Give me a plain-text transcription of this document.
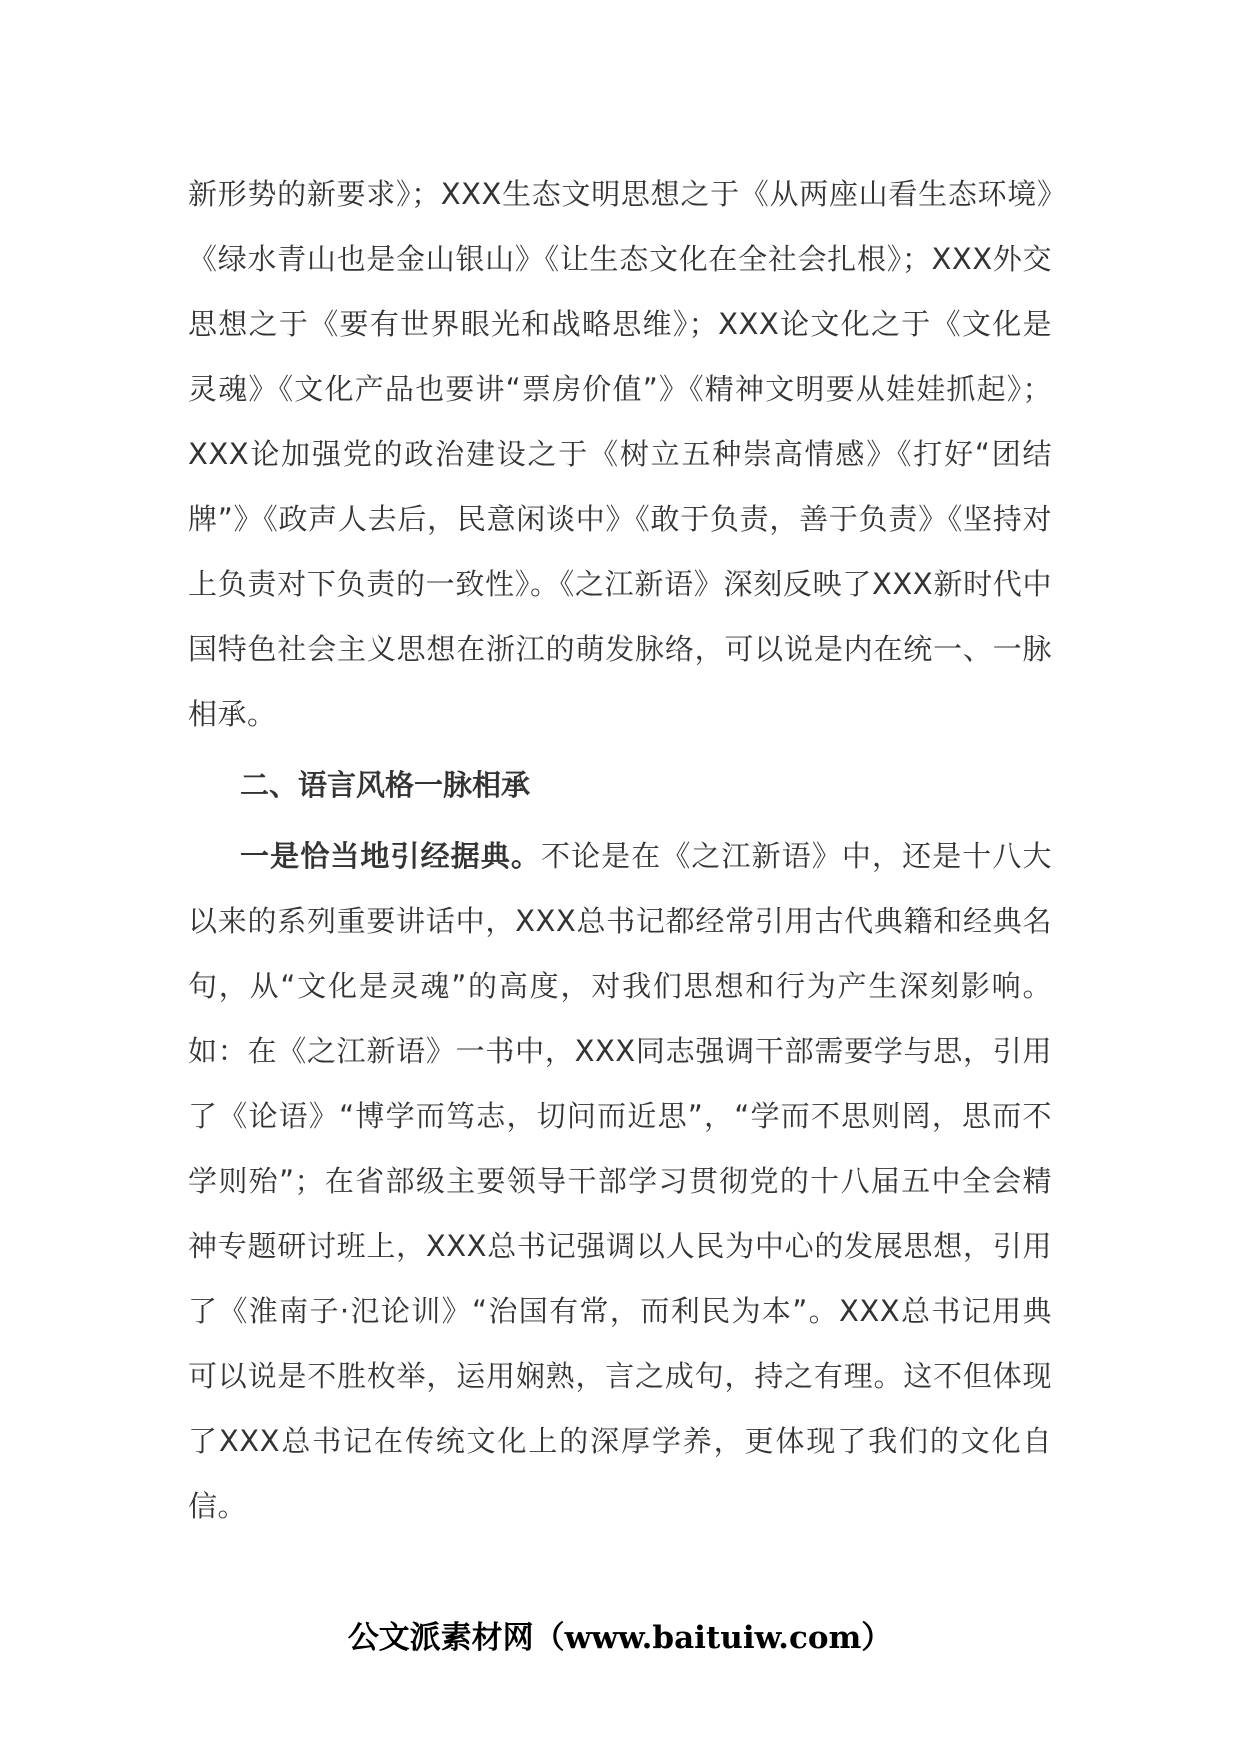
新形势的新要求》；XXX生态文明思想之于《从两座山看生态环境》《绿水青山也是金山银山》《让生态文化在全社会扎根》；XXX外交思想之于《要有世界眼光和战略思维》；XXX论文化之于《文化是灵魂》《文化产品也要讲“票房价值”》《精神文明要从娃娃抓起》；XXX论加强党的政治建设之于《树立五种崇高情感》《打好“团结牌”》《政声人去后，民意闲谈中》《敢于负责，善于负责》《坚持对上负责对下负责的一致性》。《之江新语》深刻反映了XXX新时代中国特色社会主义思想在浙江的萌发脉络，可以说是内在统一、一脉相承。

二、语言风格一脉相承

一是恰当地引经据典。不论是在《之江新语》中，还是十八大以来的系列重要讲话中，XXX总书记都经常引用古代典籍和经典名句，从“文化是灵魂”的高度，对我们思想和行为产生深刻影响。如：在《之江新语》一书中，XXX同志强调干部需要学与思，引用了《论语》“博学而笃志，切问而近思”，“学而不思则罔，思而不学则殆”；在省部级主要领导干部学习贯彻党的十八届五中全会精神专题研讨班上，XXX总书记强调以人民为中心的发展思想，引用了《淮南子·氾论训》“治国有常，而利民为本”。XXX总书记用典可以说是不胜枚举，运用娴熟，言之成句，持之有理。这不但体现了XXX总书记在传统文化上的深厚学养，更体现了我们的文化自信。

公文派素材网（www.baituiw.com）
